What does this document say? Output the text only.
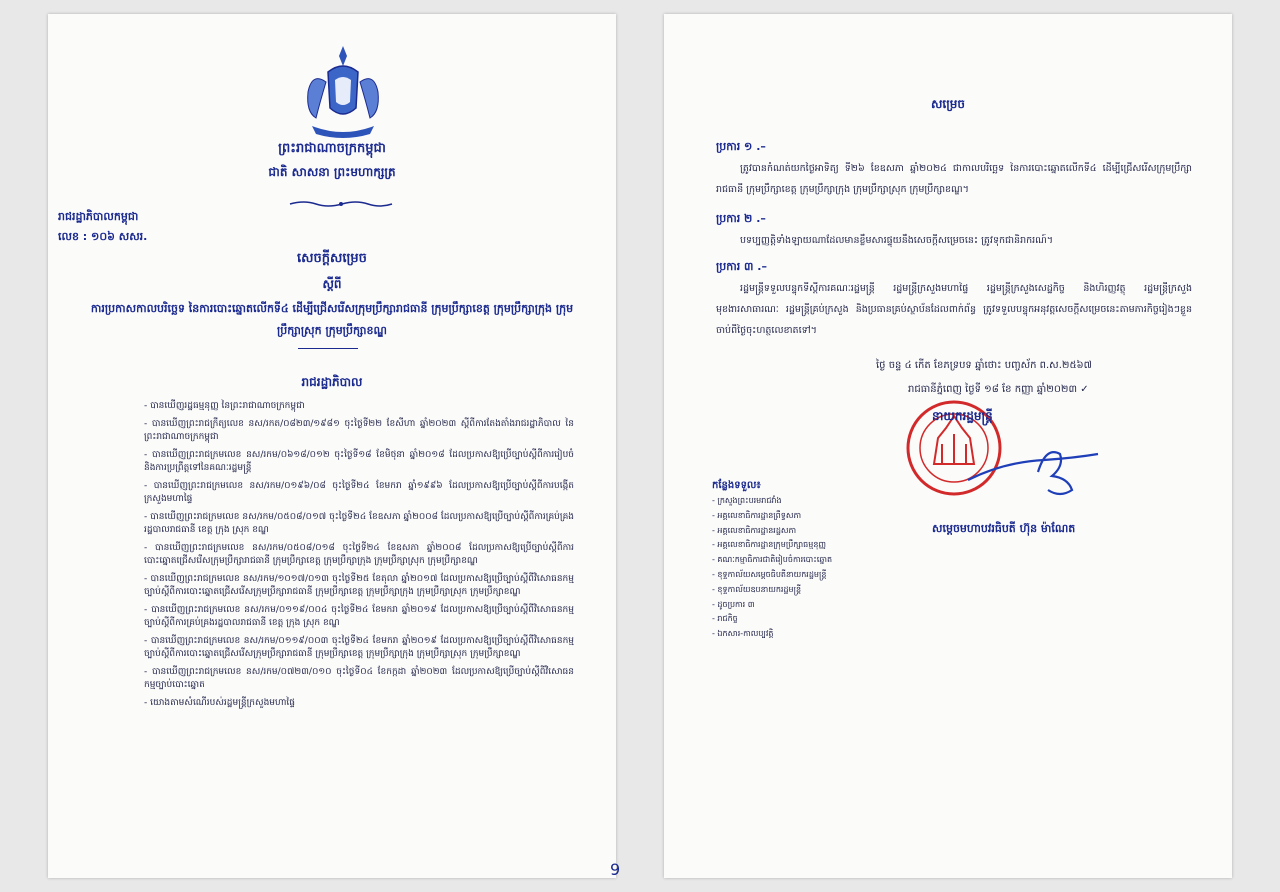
ព្រះរាជាណាចក្រកម្ពុជា
ជាតិ សាសនា ព្រះមហាក្សត្រ
រាជរដ្ឋាភិបាលកម្ពុជា
លេខ : ១០៦ សសរ.
សេចក្តីសម្រេច
ស្តីពី
ការប្រកាសកាលបរិច្ឆេទ នៃការបោះឆ្នោតលើកទី៤ ដើម្បីជ្រើសរើសក្រុមប្រឹក្សារាជធានី ក្រុមប្រឹក្សាខេត្ត ក្រុមប្រឹក្សាក្រុង ក្រុមប្រឹក្សាស្រុក ក្រុមប្រឹក្សាខណ្ឌ
រាជរដ្ឋាភិបាល
- បានឃើញរដ្ឋធម្មនុញ្ញ នៃព្រះរាជាណាចក្រកម្ពុជា
- បានឃើញព្រះរាជក្រឹត្យលេខ នស/រកត/០៨២៣/១៩៨១ ចុះថ្ងៃទី២២ ខែសីហា ឆ្នាំ២០២៣ ស្តីពីការតែងតាំងរាជរដ្ឋាភិបាល នៃព្រះរាជាណាចក្រកម្ពុជា
- បានឃើញព្រះរាជក្រមលេខ នស/រកម/០៦១៨/០១២ ចុះថ្ងៃទី១៨ ខែមិថុនា ឆ្នាំ២០១៨ ដែលប្រកាសឱ្យប្រើច្បាប់ស្តីពីការរៀបចំ និងការប្រព្រឹត្តទៅនៃគណៈរដ្ឋមន្ត្រី
- បានឃើញព្រះរាជក្រមលេខ នស/រកម/០១៩៦/០៨ ចុះថ្ងៃទី២៤ ខែមករា ឆ្នាំ១៩៩៦ ដែលប្រកាសឱ្យប្រើច្បាប់ស្តីពីការបង្កើតក្រសួងមហាផ្ទៃ
- បានឃើញព្រះរាជក្រមលេខ នស/រកម/០៥០៨/០១៧ ចុះថ្ងៃទី២៤ ខែឧសភា ឆ្នាំ២០០៨ ដែលប្រកាសឱ្យប្រើច្បាប់ស្តីពីការគ្រប់គ្រងរដ្ឋបាលរាជធានី ខេត្ត ក្រុង ស្រុក ខណ្ឌ
- បានឃើញព្រះរាជក្រមលេខ នស/រកម/០៥០៨/០១៨ ចុះថ្ងៃទី២៤ ខែឧសភា ឆ្នាំ២០០៨ ដែលប្រកាសឱ្យប្រើច្បាប់ស្តីពីការបោះឆ្នោតជ្រើសរើសក្រុមប្រឹក្សារាជធានី ក្រុមប្រឹក្សាខេត្ត ក្រុមប្រឹក្សាក្រុង ក្រុមប្រឹក្សាស្រុក ក្រុមប្រឹក្សាខណ្ឌ
- បានឃើញព្រះរាជក្រមលេខ នស/រកម/១០១៧/០១៣ ចុះថ្ងៃទី២៥ ខែតុលា ឆ្នាំ២០១៧ ដែលប្រកាសឱ្យប្រើច្បាប់ស្តីពីវិសោធនកម្មច្បាប់ស្តីពីការបោះឆ្នោតជ្រើសរើសក្រុមប្រឹក្សារាជធានី ក្រុមប្រឹក្សាខេត្ត ក្រុមប្រឹក្សាក្រុង ក្រុមប្រឹក្សាស្រុក ក្រុមប្រឹក្សាខណ្ឌ
- បានឃើញព្រះរាជក្រមលេខ នស/រកម/០១១៩/០០៤ ចុះថ្ងៃទី២៤ ខែមករា ឆ្នាំ២០១៩ ដែលប្រកាសឱ្យប្រើច្បាប់ស្តីពីវិសោធនកម្មច្បាប់ស្តីពីការគ្រប់គ្រងរដ្ឋបាលរាជធានី ខេត្ត ក្រុង ស្រុក ខណ្ឌ
- បានឃើញព្រះរាជក្រមលេខ នស/រកម/០១១៩/០០៣ ចុះថ្ងៃទី២៤ ខែមករា ឆ្នាំ២០១៩ ដែលប្រកាសឱ្យប្រើច្បាប់ស្តីពីវិសោធនកម្មច្បាប់ស្តីពីការបោះឆ្នោតជ្រើសរើសក្រុមប្រឹក្សារាជធានី ក្រុមប្រឹក្សាខេត្ត ក្រុមប្រឹក្សាក្រុង ក្រុមប្រឹក្សាស្រុក ក្រុមប្រឹក្សាខណ្ឌ
- បានឃើញព្រះរាជក្រមលេខ នស/រកម/០៧២៣/០១០ ចុះថ្ងៃទី០៤ ខែកក្កដា ឆ្នាំ២០២៣ ដែលប្រកាសឱ្យប្រើច្បាប់ស្តីពីវិសោធនកម្មច្បាប់បោះឆ្នោត
- យោងតាមសំណើរបស់រដ្ឋមន្ត្រីក្រសួងមហាផ្ទៃ
9
សម្រេច
ប្រការ ១ .–
ត្រូវបានកំណត់យកថ្ងៃអាទិត្យ ទី២៦ ខែឧសភា ឆ្នាំ២០២៤ ជាកាលបរិច្ឆេទ នៃការបោះឆ្នោតលើកទី៤ ដើម្បីជ្រើសរើសក្រុមប្រឹក្សារាជធានី ក្រុមប្រឹក្សាខេត្ត ក្រុមប្រឹក្សាក្រុង ក្រុមប្រឹក្សាស្រុក ក្រុមប្រឹក្សាខណ្ឌ។
ប្រការ ២ .–
បទប្បញ្ញត្តិទាំងឡាយណាដែលមានខ្លឹមសារផ្ទុយនឹងសេចក្តីសម្រេចនេះ ត្រូវទុកជានិរាករណ៍។
ប្រការ ៣ .–
រដ្ឋមន្ត្រីទទួលបន្ទុកទីស្តីការគណៈរដ្ឋមន្ត្រី រដ្ឋមន្ត្រីក្រសួងមហាផ្ទៃ រដ្ឋមន្ត្រីក្រសួងសេដ្ឋកិច្ច និងហិរញ្ញវត្ថុ រដ្ឋមន្ត្រីក្រសួងមុខងារសាធារណៈ រដ្ឋមន្ត្រីគ្រប់ក្រសួង និងប្រធានគ្រប់ស្ថាប័នដែលពាក់ព័ន្ធ ត្រូវទទួលបន្ទុកអនុវត្តសេចក្តីសម្រេចនេះតាមភារកិច្ចរៀងៗខ្លួន ចាប់ពីថ្ងៃចុះហត្ថលេខាតទៅ។
ថ្ងៃ ចន្ទ ៤ កើត ខែភទ្របទ ឆ្នាំថោះ បញ្ចស័ក ព.ស.២៥៦៧
រាជធានីភ្នំពេញ ថ្ងៃទី ១៨ ខែ កញ្ញា ឆ្នាំ២០២៣ ✓
នាយករដ្ឋមន្ត្រី
សម្តេចមហាបវរធិបតី ហ៊ុន ម៉ាណែត
កន្លែងទទួល៖
- ក្រសួងព្រះបរមរាជវាំង
- អគ្គលេខាធិការដ្ឋានព្រឹទ្ធសភា
- អគ្គលេខាធិការដ្ឋានរដ្ឋសភា
- អគ្គលេខាធិការដ្ឋានក្រុមប្រឹក្សាធម្មនុញ្ញ
- គណៈកម្មាធិការជាតិរៀបចំការបោះឆ្នោត
- ខុទ្ទកាល័យសម្តេចធិបតីនាយករដ្ឋមន្ត្រី
- ខុទ្ទកាល័យឧបនាយករដ្ឋមន្ត្រី
- ដូចប្រការ ៣
- រាជកិច្ច
- ឯកសារ-កាលប្បវត្តិ
